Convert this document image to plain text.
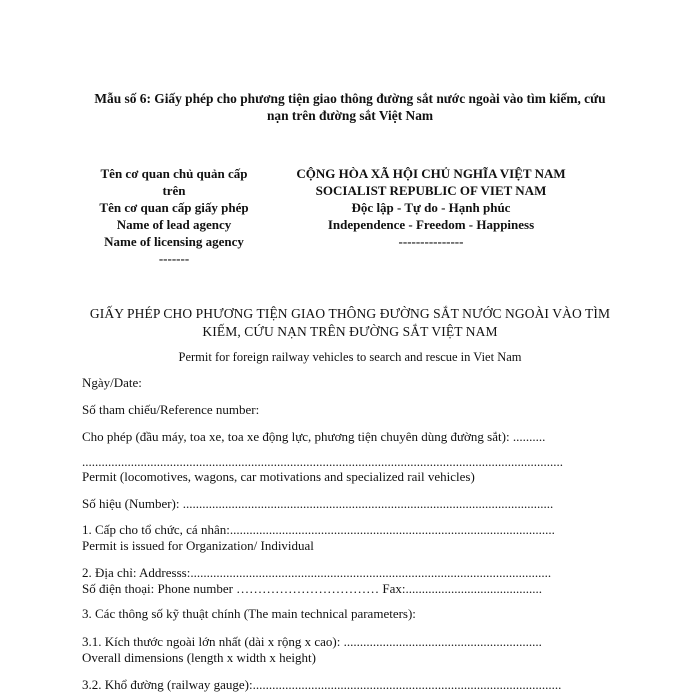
Mẫu số 6: Giấy phép cho phương tiện giao thông đường sắt nước ngoài vào tìm kiếm, cứu
nạn trên đường sắt Việt Nam
Tên cơ quan chủ quản cấp
trên
Tên cơ quan cấp giấy phép
Name of lead agency
Name of licensing agency
-------
CỘNG HÒA XÃ HỘI CHỦ NGHĨA VIỆT NAM
SOCIALIST REPUBLIC OF VIET NAM
Độc lập - Tự do - Hạnh phúc
Independence - Freedom - Happiness
---------------
GIẤY PHÉP CHO PHƯƠNG TIỆN GIAO THÔNG ĐƯỜNG SẮT NƯỚC NGOÀI VÀO TÌM
KIẾM, CỨU NẠN TRÊN ĐƯỜNG SẮT VIỆT NAM
Permit for foreign railway vehicles to search and rescue in Viet Nam
Ngày/Date:
Số tham chiếu/Reference number:
Cho phép (đầu máy, toa xe, toa xe động lực, phương tiện chuyên dùng đường sắt): ..........
....................................................................................................................................................
Permit (locomotives, wagons, car motivations and specialized rail vehicles)
Số hiệu (Number): ..................................................................................................................
1. Cấp cho tổ chức, cá nhân:....................................................................................................
Permit is issued for Organization/ Individual
2. Địa chỉ: Addresss:...............................................................................................................
Số điện thoại: Phone number …………………………… Fax:..........................................
3. Các thông số kỹ thuật chính (The main technical parameters):
3.1. Kích thước ngoài lớn nhất (dài x rộng x cao): .............................................................
Overall dimensions (length x width x height)
3.2. Khổ đường (railway gauge):...............................................................................................
